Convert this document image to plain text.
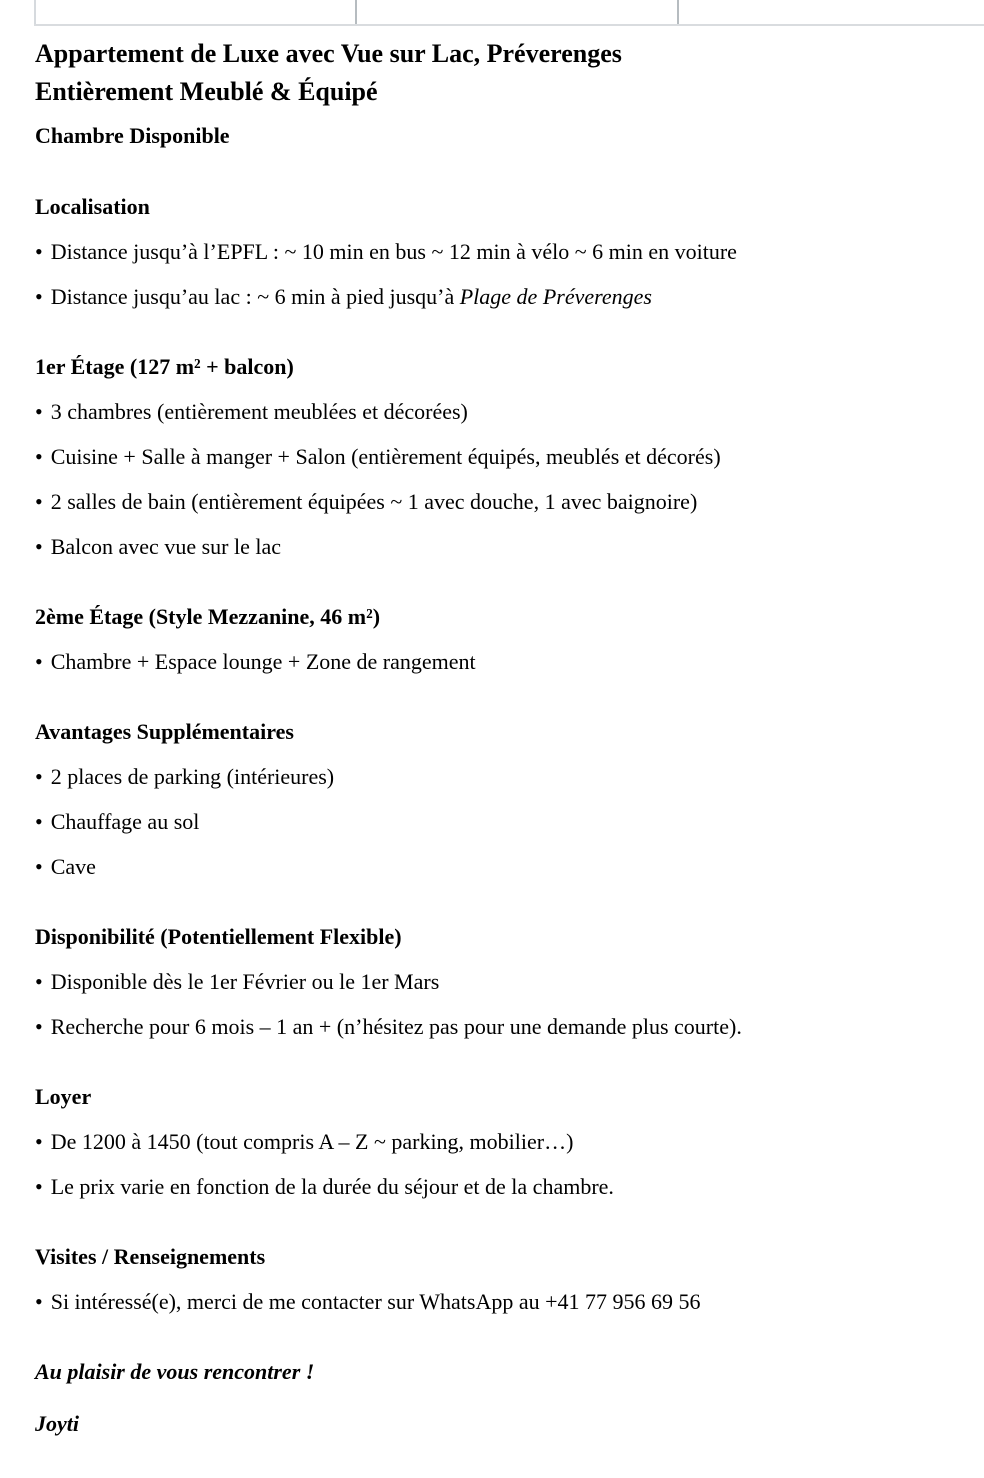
Appartement de Luxe avec Vue sur Lac, Préverenges
Entièrement Meublé & Équipé
Chambre Disponible
Localisation

• Distance jusqu’à l’EPFL : ~ 10 min en bus ~ 12 min à vélo ~ 6 min en voiture

• Distance jusqu’au lac : ~ 6 min à pied jusqu’à Plage de Préverenges

1er Étage (127 m² + balcon)

• 3 chambres (entièrement meublées et décorées)

• Cuisine + Salle à manger + Salon (entièrement équipés, meublés et décorés)

• 2 salles de bain (entièrement équipées ~ 1 avec douche, 1 avec baignoire)

• Balcon avec vue sur le lac

2ème Étage (Style Mezzanine, 46 m²)

• Chambre + Espace lounge + Zone de rangement

Avantages Supplémentaires

• 2 places de parking (intérieures)

• Chauffage au sol

• Cave

Disponibilité (Potentiellement Flexible)

• Disponible dès le 1er Février ou le 1er Mars

• Recherche pour 6 mois – 1 an + (n’hésitez pas pour une demande plus courte).

Loyer

• De 1200 à 1450 (tout compris A – Z ~ parking, mobilier…)

• Le prix varie en fonction de la durée du séjour et de la chambre.

Visites / Renseignements

• Si intéressé(e), merci de me contacter sur WhatsApp au +41 77 956 69 56

Au plaisir de vous rencontrer !

Joyti
